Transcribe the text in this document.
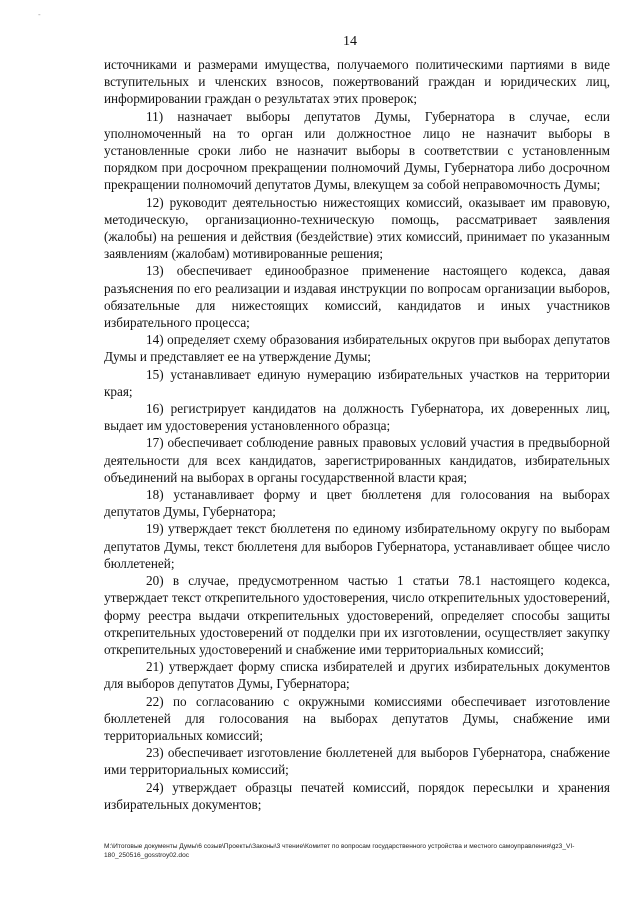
-
14

источниками и размерами имущества, получаемого политическими партиями в виде вступительных и членских взносов, пожертвований граждан и юридических лиц, информировании граждан о результатах этих проверок;

11) назначает выборы депутатов Думы, Губернатора в случае, если уполномоченный на то орган или должностное лицо не назначит выборы в установленные сроки либо не назначит выборы в соответствии с установленным порядком при досрочном прекращении полномочий Думы, Губернатора либо досрочном прекращении полномочий депутатов Думы, влекущем за собой неправомочность Думы;

12) руководит деятельностью нижестоящих комиссий, оказывает им правовую, методическую, организационно-техническую помощь, рассматривает заявления (жалобы) на решения и действия (бездействие) этих комиссий, принимает по указанным заявлениям (жалобам) мотивированные решения;

13) обеспечивает единообразное применение настоящего кодекса, давая разъяснения по его реализации и издавая инструкции по вопросам организации выборов, обязательные для нижестоящих комиссий, кандидатов и иных участников избирательного процесса;

14) определяет схему образования избирательных округов при выборах депутатов Думы и представляет ее на утверждение Думы;

15) устанавливает единую нумерацию избирательных участков на территории края;

16) регистрирует кандидатов на должность Губернатора, их доверенных лиц, выдает им удостоверения установленного образца;

17) обеспечивает соблюдение равных правовых условий участия в предвыборной деятельности для всех кандидатов, зарегистрированных кандидатов, избирательных объединений на выборах в органы государственной власти края;

18) устанавливает форму и цвет бюллетеня для голосования на выборах депутатов Думы, Губернатора;

19) утверждает текст бюллетеня по единому избирательному округу по выборам депутатов Думы, текст бюллетеня для выборов Губернатора, устанавливает общее число бюллетеней;

20) в случае, предусмотренном частью 1 статьи 78.1 настоящего кодекса, утверждает текст открепительного удостоверения, число открепительных удостоверений, форму реестра выдачи открепительных удостоверений, определяет способы защиты открепительных удостоверений от подделки при их изготовлении, осуществляет закупку открепительных удостоверений и снабжение ими территориальных комиссий;

21) утверждает форму списка избирателей и других избирательных документов для выборов депутатов Думы, Губернатора;

22) по согласованию с окружными комиссиями обеспечивает изготовление бюллетеней для голосования на выборах депутатов Думы, снабжение ими территориальных комиссий;

23) обеспечивает изготовление бюллетеней для выборов Губернатора, снабжение ими территориальных комиссий;

24) утверждает образцы печатей комиссий, порядок пересылки и хранения избирательных документов;

M:\Итоговые документы Думы\6 созыв\Проекты\Законы\3 чтение\Комитет по вопросам государственного устройства и местного самоуправления\gz3_VI-180_250516_gosstroy02.doc
